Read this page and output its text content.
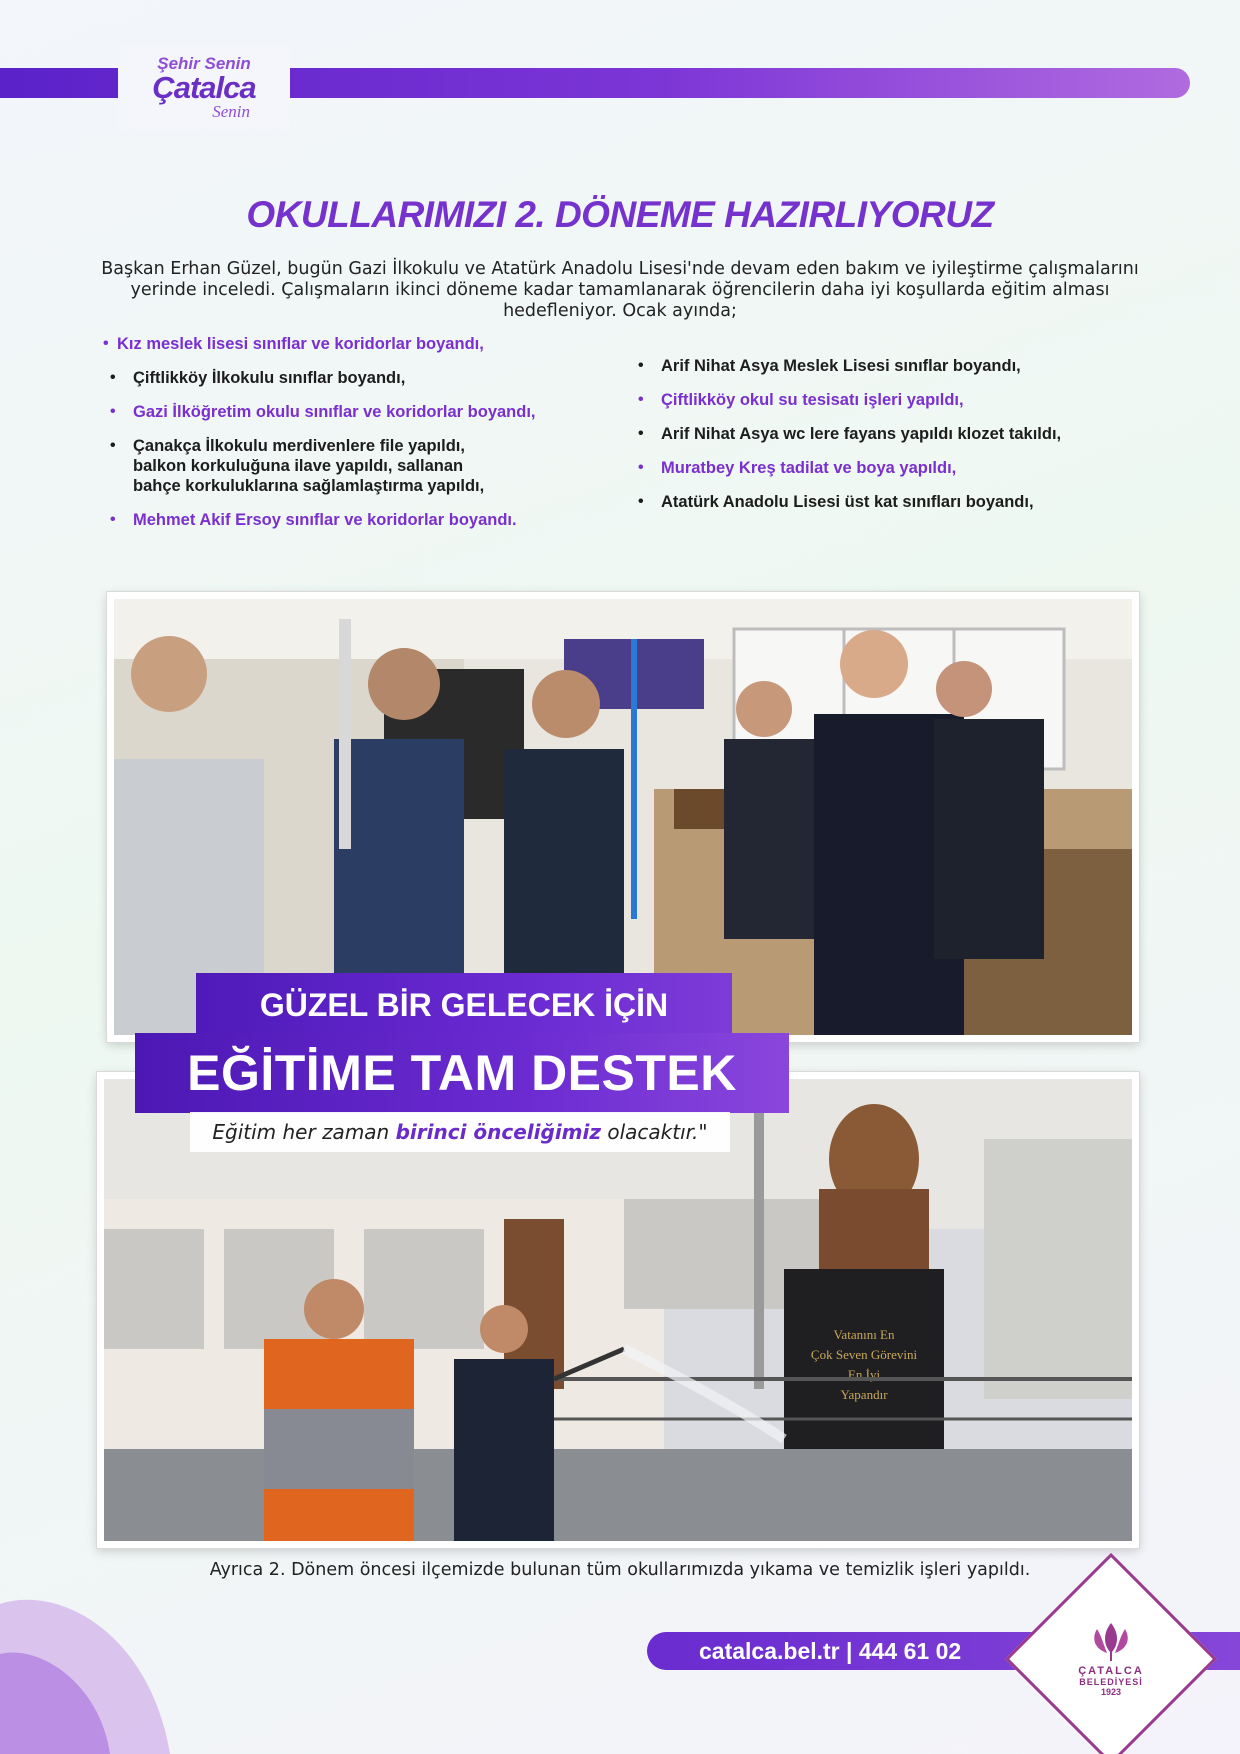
Şehir Senin
Çatalca
Senin
OKULLARIMIZI 2. DÖNEME HAZIRLIYORUZ

Başkan Erhan Güzel, bugün Gazi İlkokulu ve Atatürk Anadolu Lisesi'nde devam eden bakım ve iyileştirme çalışmalarını yerinde inceledi. Çalışmaların ikinci döneme kadar tamamlanarak öğrencilerin daha iyi koşullarda eğitim alması hedefleniyor. Ocak ayında;

• Kız meslek lisesi sınıflar ve koridorlar boyandı,
• Çiftlikköy İlkokulu sınıflar boyandı,
• Gazi İlköğretim okulu sınıflar ve koridorlar boyandı,
• Çanakça İlkokulu merdivenlere file yapıldı,
balkon korkuluğuna ilave yapıldı, sallanan
bahçe korkuluklarına sağlamlaştırma yapıldı,
• Mehmet Akif Ersoy sınıflar ve koridorlar boyandı.
• Arif Nihat Asya Meslek Lisesi sınıflar boyandı,
• Çiftlikköy okul su tesisatı işleri yapıldı,
• Arif Nihat Asya wc lere fayans yapıldı klozet takıldı,
• Muratbey Kreş tadilat ve boya yapıldı,
• Atatürk Anadolu Lisesi üst kat sınıfları boyandı,
Vatanını En
Çok Seven Görevini
En İyi
Yapandır
GÜZEL BİR GELECEK İÇİN
EĞİTİME TAM DESTEK
Eğitim her zaman
birinci önceliğimiz
olacaktır."

Ayrıca 2. Dönem öncesi ilçemizde bulunan tüm okullarımızda yıkama ve temizlik işleri yapıldı.

catalca.bel.tr | 444 61 02
ÇATALCA
BELEDİYESİ
1923
